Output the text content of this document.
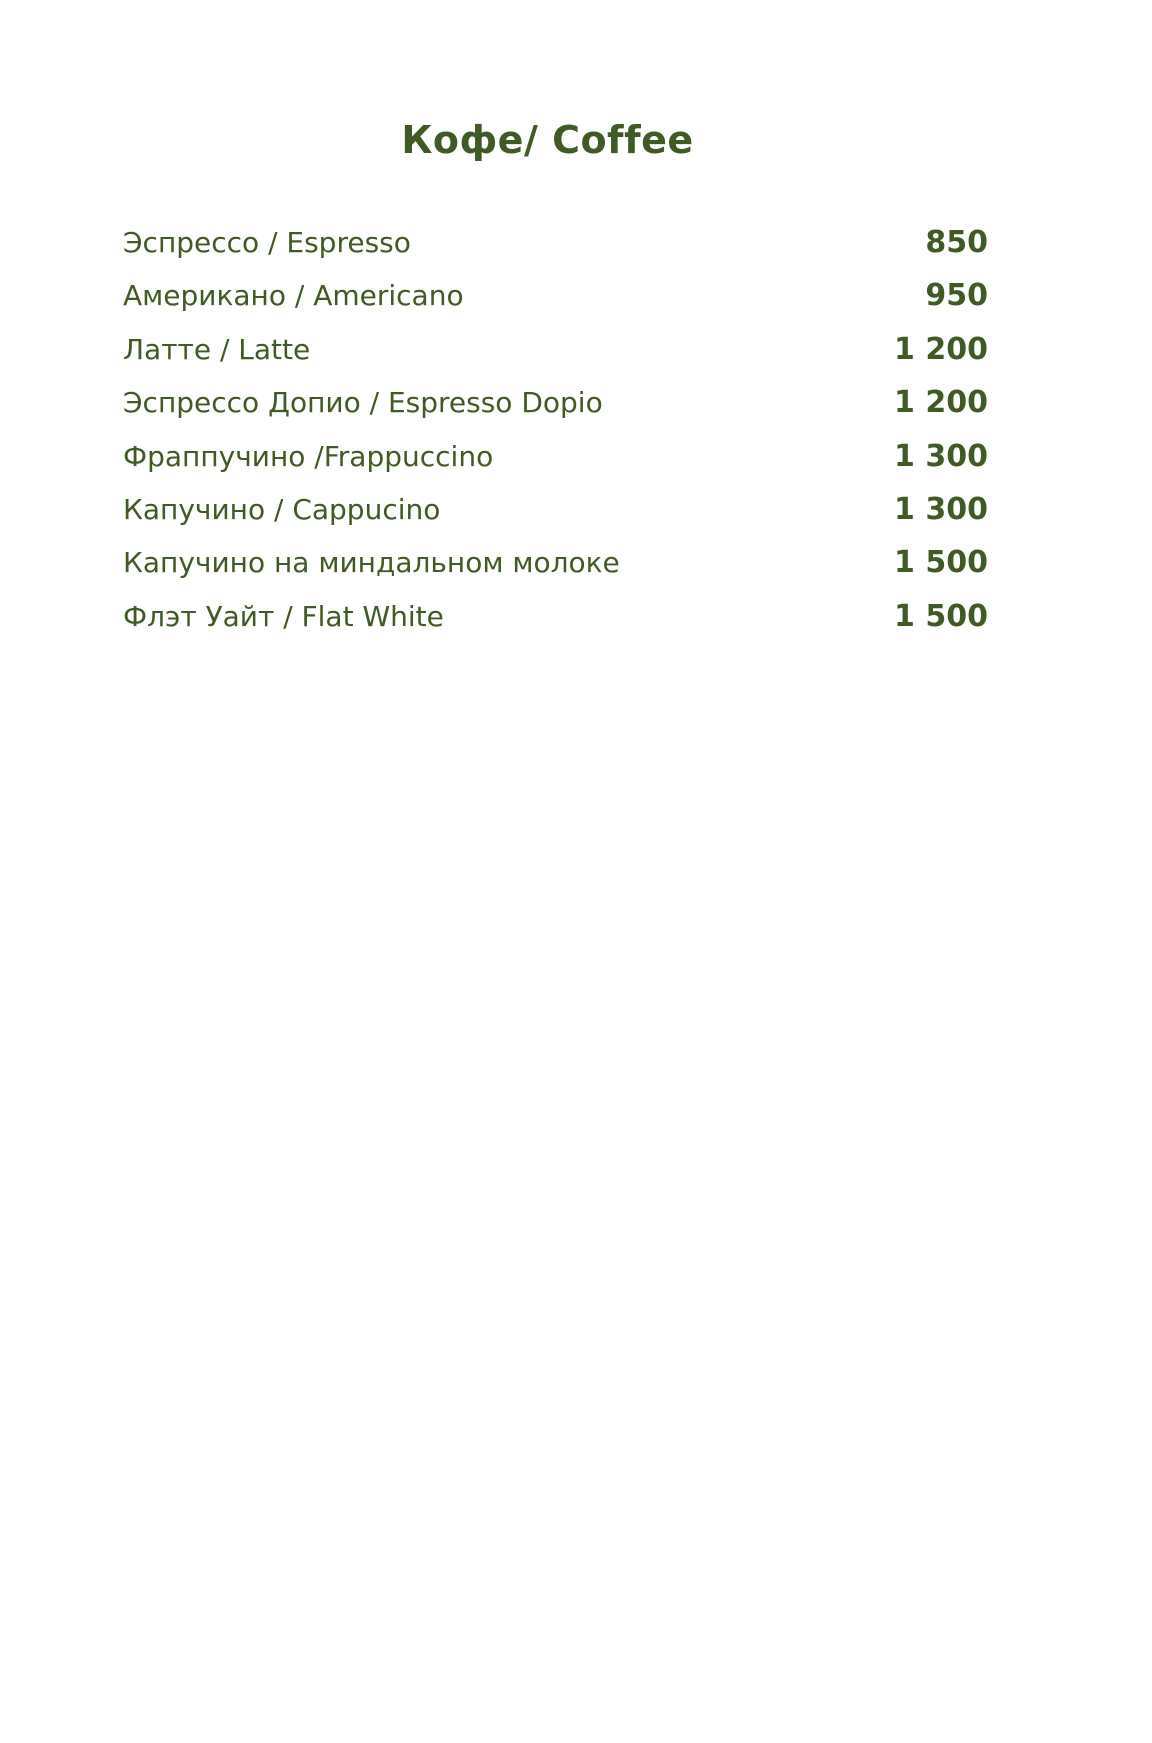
Кофе/ Coffee
Эспрессо / Espresso	850
Американо / Americano	950
Латте / Latte	1 200
Эспрессо Допио / Espresso Dopio	1 200
Фраппучино /Frappuccino	1 300
Капучино / Cappucino	1 300
Капучино на миндальном молоке	1 500
Флэт Уайт / Flat White	1 500
